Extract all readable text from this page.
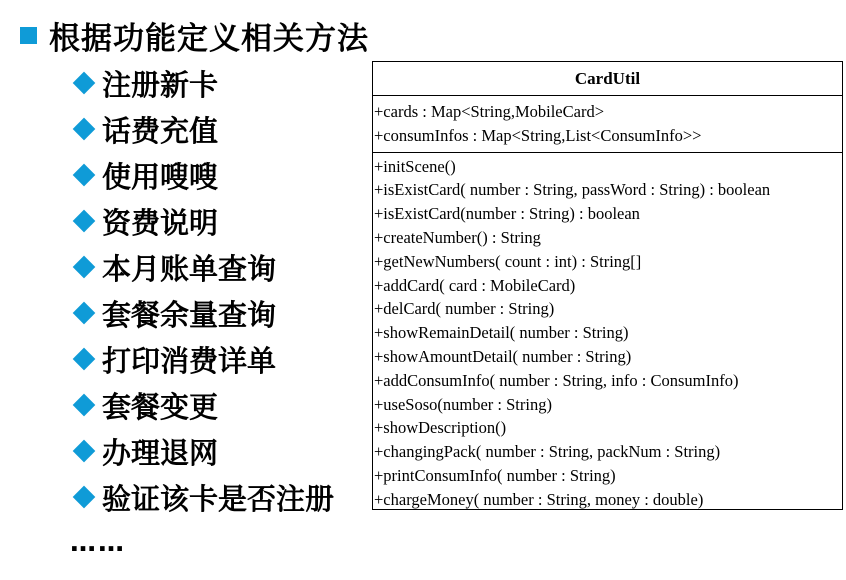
根据功能定义相关方法
注册新卡
话费充值
使用嗖嗖
资费说明
本月账单查询
套餐余量查询
打印消费详单
套餐变更
办理退网
验证该卡是否注册
……
CardUtil
+cards : Map<String,MobileCard>
+consumInfos : Map<String,List<ConsumInfo>>
+initScene()
+isExistCard( number : String, passWord : String) : boolean
+isExistCard(number : String) : boolean
+createNumber() : String
+getNewNumbers( count : int) : String[]
+addCard( card : MobileCard)
+delCard( number : String)
+showRemainDetail( number : String)
+showAmountDetail( number : String)
+addConsumInfo( number : String, info : ConsumInfo)
+useSoso(number : String)
+showDescription()
+changingPack( number : String, packNum : String)
+printConsumInfo( number : String)
+chargeMoney( number : String, money : double)
